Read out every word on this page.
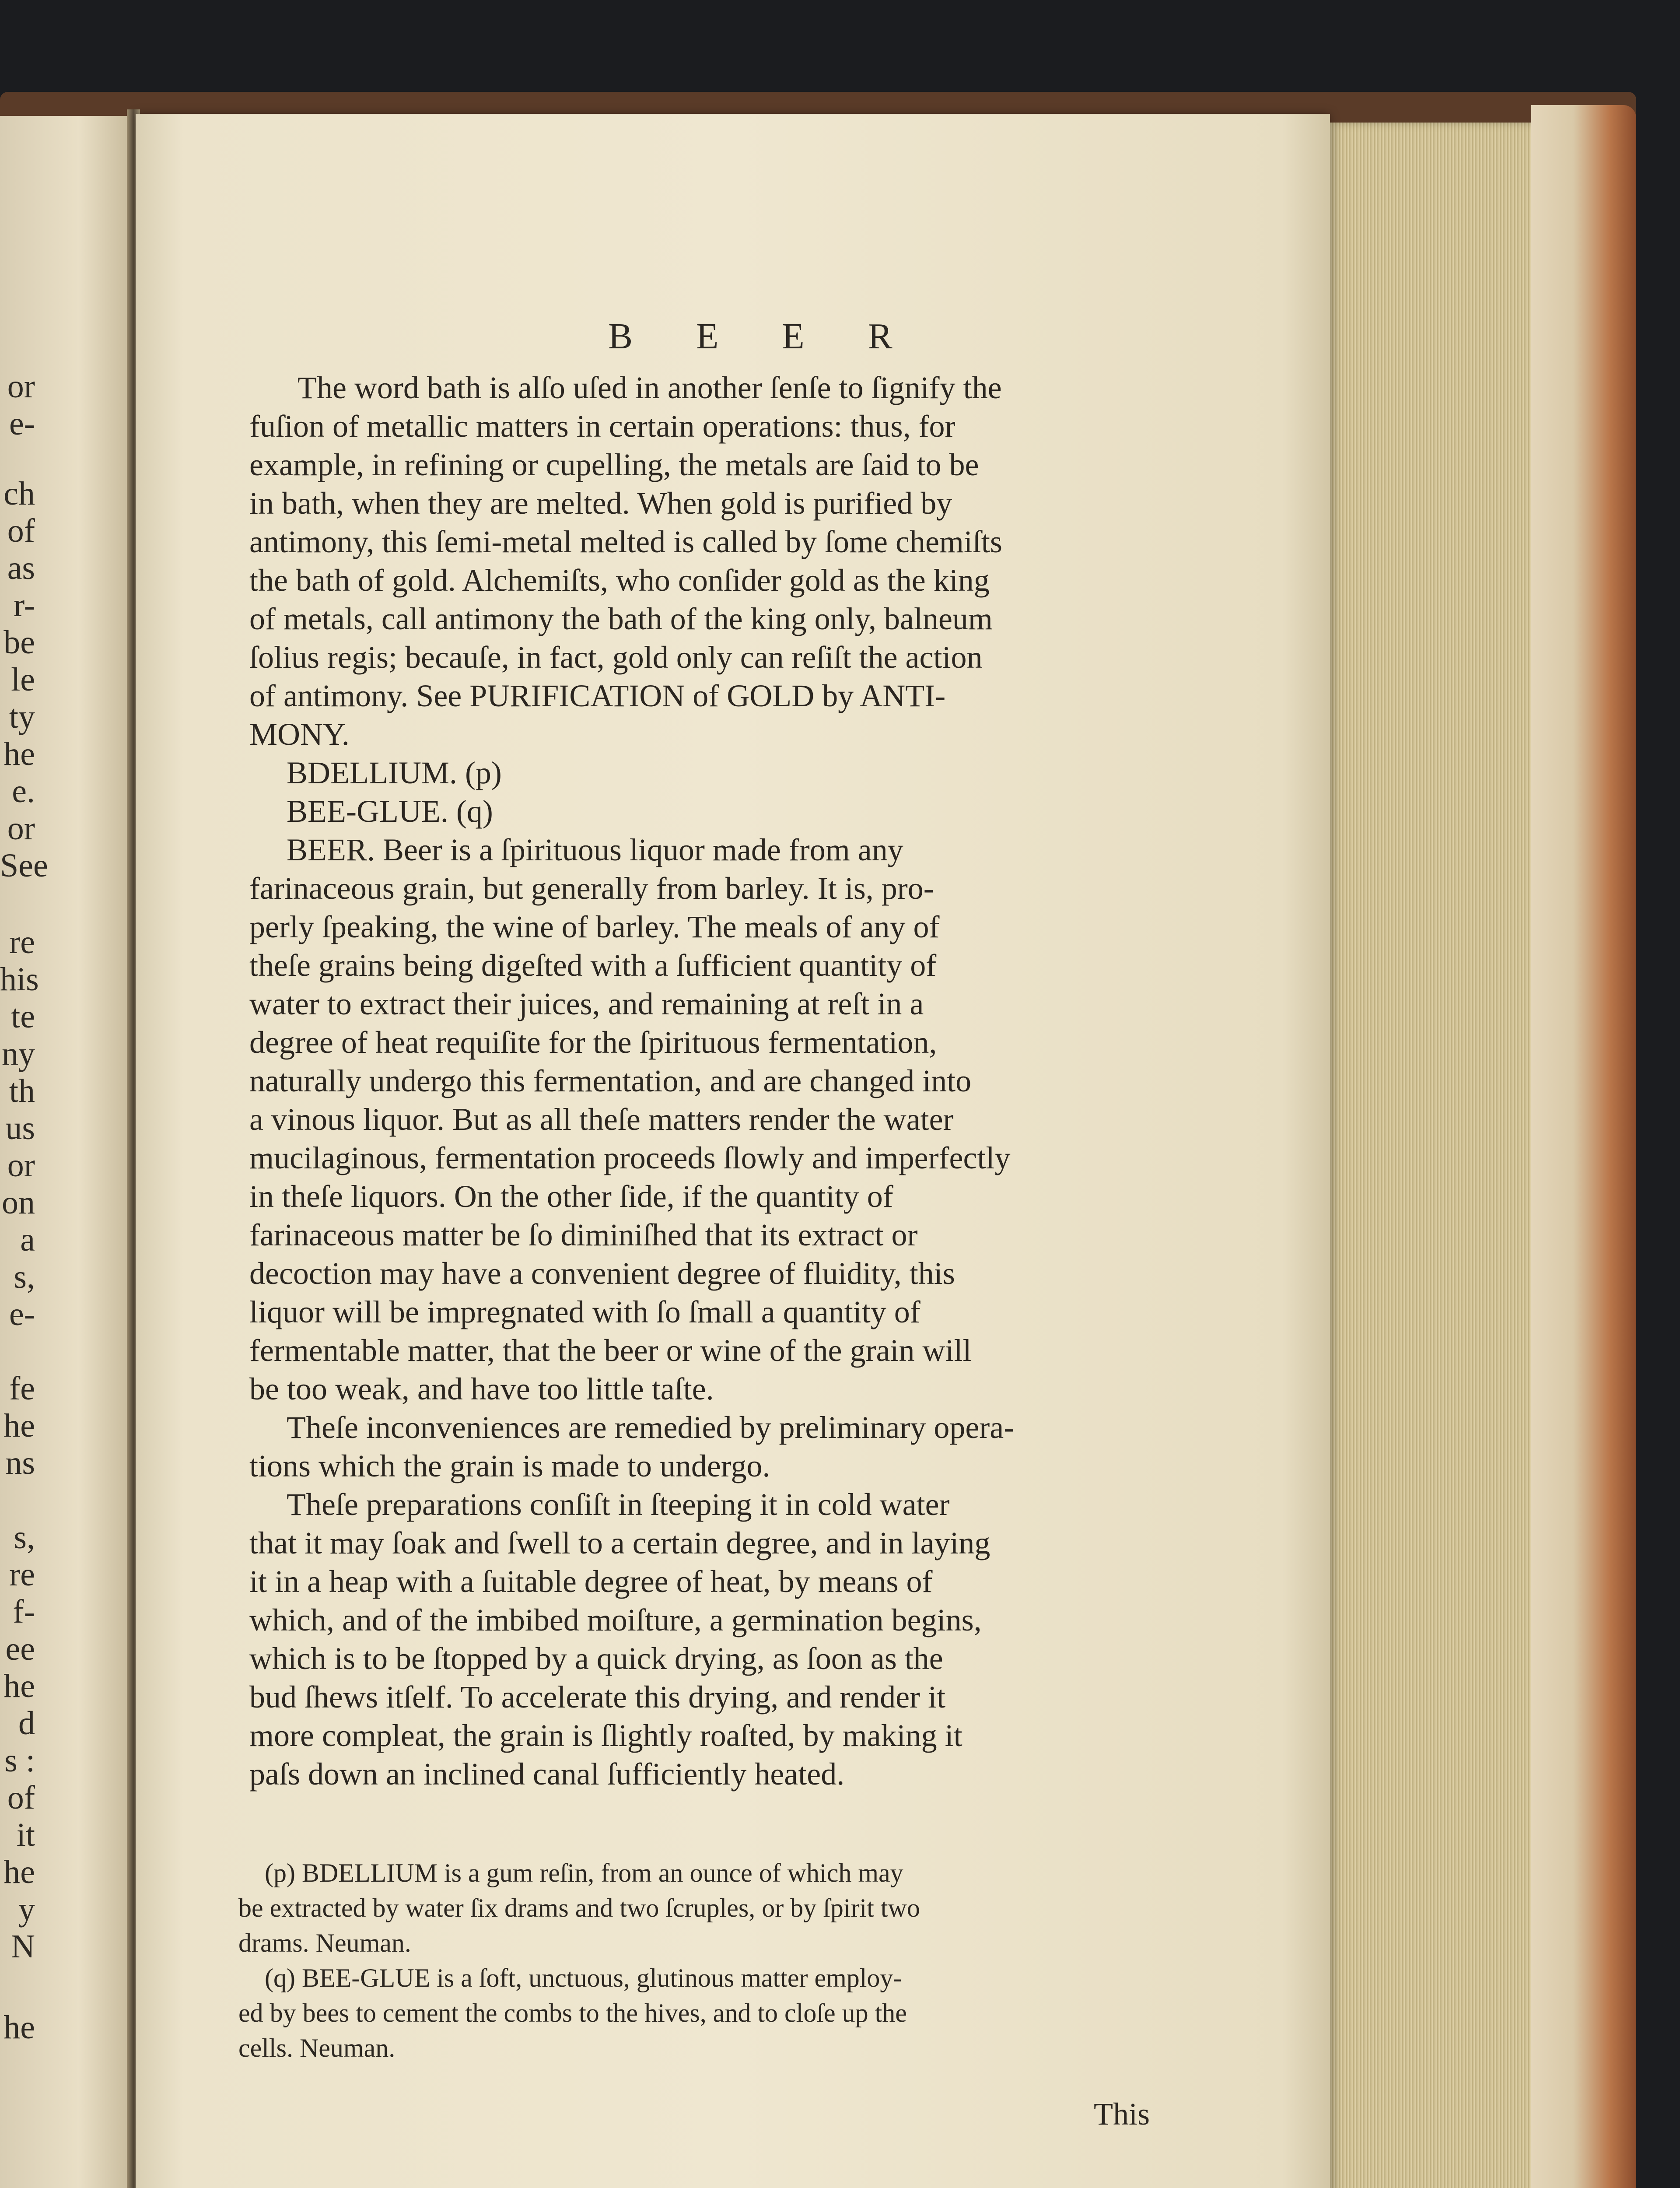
B E E R
This
or
e-
ch
of
as
r-
be
le
ty
he
e.
or
See
re
his
te
ny
th
us
or
on
a
s,
e-
fe
he
ns
s,
re
f-
ee
he
d
s :
of
it
he
y
N
he
The word bath is alſo uſed in another ſenſe to ſignify the
fuſion of metallic matters in certain operations: thus, for
example, in refining or cupelling, the metals are ſaid to be
in bath, when they are melted. When gold is purified by
antimony, this ſemi-metal melted is called by ſome chemiſts
the bath of gold. Alchemiſts, who conſider gold as the king
of metals, call antimony the bath of the king only, balneum
ſolius regis; becauſe, in fact, gold only can reſiſt the action
of antimony. See PURIFICATION of GOLD by ANTI-
MONY.
BDELLIUM. (p)
BEE-GLUE. (q)
BEER. Beer is a ſpirituous liquor made from any
farinaceous grain, but generally from barley. It is, pro-
perly ſpeaking, the wine of barley. The meals of any of
theſe grains being digeſted with a ſufficient quantity of
water to extract their juices, and remaining at reſt in a
degree of heat requiſite for the ſpirituous fermentation,
naturally undergo this fermentation, and are changed into
a vinous liquor. But as all theſe matters render the water
mucilaginous, fermentation proceeds ſlowly and imperfectly
in theſe liquors. On the other ſide, if the quantity of
farinaceous matter be ſo diminiſhed that its extract or
decoction may have a convenient degree of fluidity, this
liquor will be impregnated with ſo ſmall a quantity of
fermentable matter, that the beer or wine of the grain will
be too weak, and have too little taſte.
Theſe inconveniences are remedied by preliminary opera-
tions which the grain is made to undergo.
Theſe preparations conſiſt in ſteeping it in cold water
that it may ſoak and ſwell to a certain degree, and in laying
it in a heap with a ſuitable degree of heat, by means of
which, and of the imbibed moiſture, a germination begins,
which is to be ſtopped by a quick drying, as ſoon as the
bud ſhews itſelf. To accelerate this drying, and render it
more compleat, the grain is ſlightly roaſted, by making it
paſs down an inclined canal ſufficiently heated.
(p) BDELLIUM is a gum reſin, from an ounce of which may
be extracted by water ſix drams and two ſcruples, or by ſpirit two
drams. Neuman.
(q) BEE-GLUE is a ſoft, unctuous, glutinous matter employ-
ed by bees to cement the combs to the hives, and to cloſe up the
cells. Neuman.
